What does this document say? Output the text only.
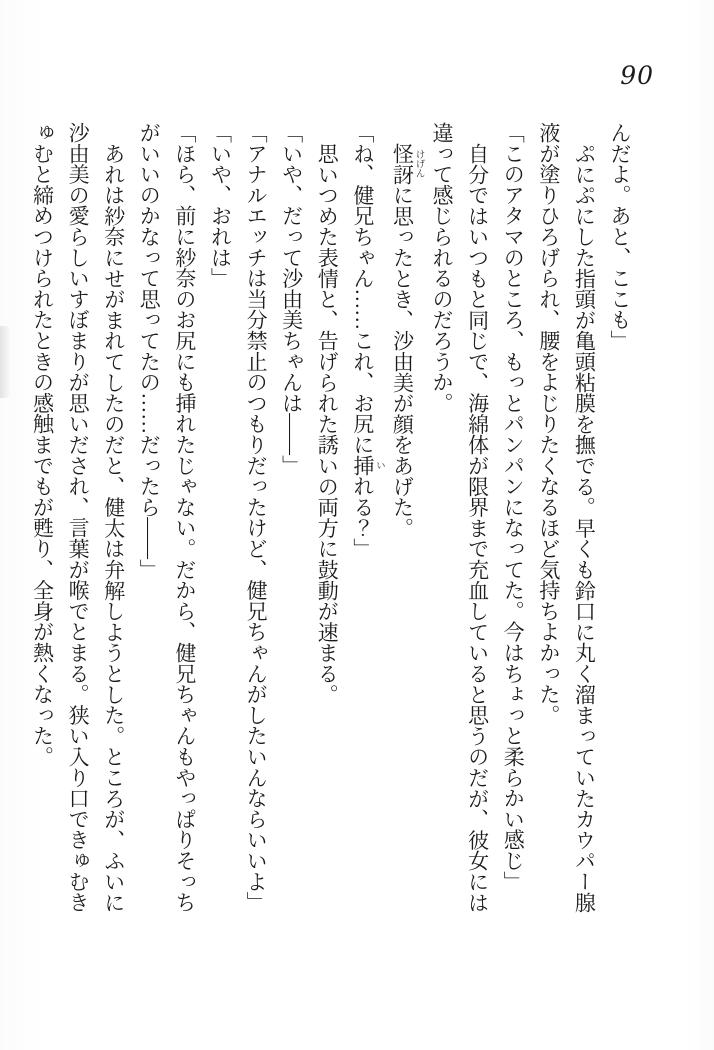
90

んだよ。あと、ここも」

ぷにぷにした指頭が亀頭粘膜を撫でる。早くも鈴口に丸く溜まっていたカウパー腺液が塗りひろげられ、腰をよじりたくなるほど気持ちよかった。

「このアタマのところ、もっとパンパンになってた。今はちょっと柔らかい感じ」

自分ではいつもと同じで、海綿体が限界まで充血していると思うのだが、彼女には違って感じられるのだろうか。

怪訝 けげんに思ったとき、沙由美が顔をあげた。

「ね、健兄ちゃん……これ、お尻に挿 いれる？」

思いつめた表情と、告げられた誘いの両方に鼓動が速まる。

「いや、だって沙由美ちゃんは――」

「アナルエッチは当分禁止のつもりだったけど、健兄ちゃんがしたいんならいいよ」

「いや、おれは」

「ほら、前に紗奈のお尻にも挿れたじゃない。だから、健兄ちゃんもやっぱりそっちがいいのかなって思ってたの……だったら――」

あれは紗奈にせがまれてしたのだと、健太は弁解しようとした。ところが、ふいに沙由美の愛らしいすぼまりが思いだされ、言葉が喉でとまる。狭い入り口できゅむきゅむと締めつけられたときの感触までもが甦り、全身が熱くなった。
